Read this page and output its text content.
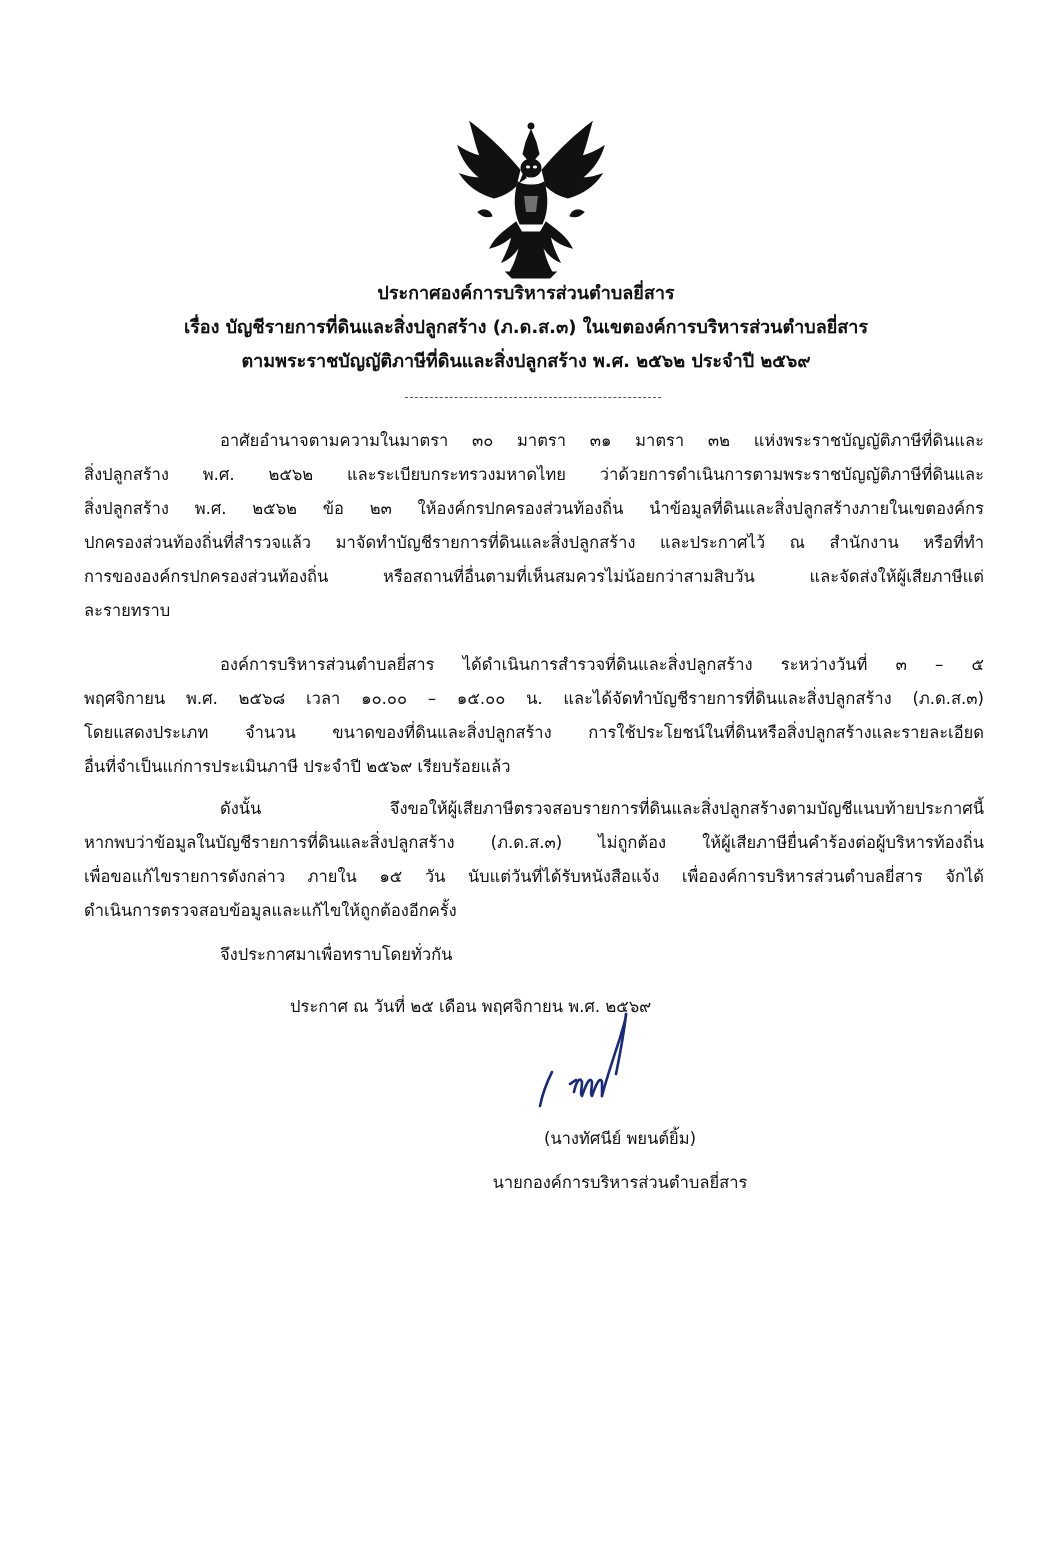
ประกาศองค์การบริหารส่วนตำบลยี่สาร
เรื่อง บัญชีรายการที่ดินและสิ่งปลูกสร้าง (ภ.ด.ส.๓) ในเขตองค์การบริหารส่วนตำบลยี่สาร
ตามพระราชบัญญัติภาษีที่ดินและสิ่งปลูกสร้าง พ.ศ. ๒๕๖๒ ประจำปี ๒๕๖๙
อาศัยอำนาจตามความในมาตรา ๓๐ มาตรา ๓๑ มาตรา ๓๒ แห่งพระราชบัญญัติภาษีที่ดินและ
สิ่งปลูกสร้าง พ.ศ. ๒๕๖๒ และระเบียบกระทรวงมหาดไทย ว่าด้วยการดำเนินการตามพระราชบัญญัติภาษีที่ดินและ
สิ่งปลูกสร้าง พ.ศ. ๒๕๖๒ ข้อ ๒๓ ให้องค์กรปกครองส่วนท้องถิ่น นำข้อมูลที่ดินและสิ่งปลูกสร้างภายในเขตองค์กร
ปกครองส่วนท้องถิ่นที่สำรวจแล้ว มาจัดทำบัญชีรายการที่ดินและสิ่งปลูกสร้าง และประกาศไว้ ณ สำนักงาน หรือที่ทำ
การขององค์กรปกครองส่วนท้องถิ่น หรือสถานที่อื่นตามที่เห็นสมควรไม่น้อยกว่าสามสิบวัน และจัดส่งให้ผู้เสียภาษีแต่
ละรายทราบ
องค์การบริหารส่วนตำบลยี่สาร ได้ดำเนินการสำรวจที่ดินและสิ่งปลูกสร้าง ระหว่างวันที่ ๓ – ๕
พฤศจิกายน พ.ศ. ๒๕๖๘ เวลา ๑๐.๐๐ – ๑๕.๐๐ น. และได้จัดทำบัญชีรายการที่ดินและสิ่งปลูกสร้าง (ภ.ด.ส.๓)
โดยแสดงประเภท จำนวน ขนาดของที่ดินและสิ่งปลูกสร้าง การใช้ประโยชน์ในที่ดินหรือสิ่งปลูกสร้างและรายละเอียด
อื่นที่จำเป็นแก่การประเมินภาษี ประจำปี ๒๕๖๙ เรียบร้อยแล้ว
ดังนั้น จึงขอให้ผู้เสียภาษีตรวจสอบรายการที่ดินและสิ่งปลูกสร้างตามบัญชีแนบท้ายประกาศนี้
หากพบว่าข้อมูลในบัญชีรายการที่ดินและสิ่งปลูกสร้าง (ภ.ด.ส.๓) ไม่ถูกต้อง ให้ผู้เสียภาษียื่นคำร้องต่อผู้บริหารท้องถิ่น
เพื่อขอแก้ไขรายการดังกล่าว ภายใน ๑๕ วัน นับแต่วันที่ได้รับหนังสือแจ้ง เพื่อองค์การบริหารส่วนตำบลยี่สาร จักได้
ดำเนินการตรวจสอบข้อมูลและแก้ไขให้ถูกต้องอีกครั้ง
จึงประกาศมาเพื่อทราบโดยทั่วกัน
ประกาศ ณ วันที่ ๒๕ เดือน พฤศจิกายน พ.ศ. ๒๕๖๙
(นางทัศนีย์ พยนต์ยิ้ม)
นายกองค์การบริหารส่วนตำบลยี่สาร
